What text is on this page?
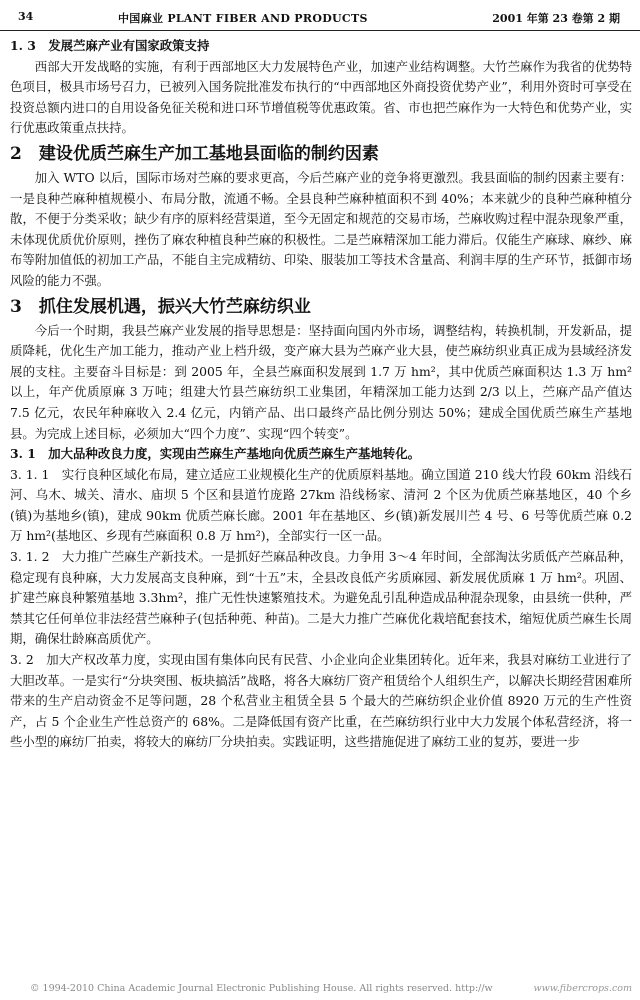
34	中国麻业 PLANT FIBER AND PRODUCTS	2001 年第 23 卷第 2 期

1. 3　发展苎麻产业有国家政策支持

西部大开发战略的实施，有利于西部地区大力发展特色产业，加速产业结构调整。大竹苎麻作为我省的优势特色项目，极具市场号召力，已被列入国务院批准发布执行的“中西部地区外商投资优势产业”，利用外资时可享受在投资总额内进口的自用设备免征关税和进口环节增值税等优惠政策。省、市也把苎麻作为一大特色和优势产业，实行优惠政策重点扶持。

2　建设优质苎麻生产加工基地县面临的制约因素

加入 WTO 以后，国际市场对苎麻的要求更高，今后苎麻产业的竞争将更激烈。我县面临的制约因素主要有：一是良种苎麻种植规模小、布局分散，流通不畅。全县良种苎麻种植面积不到 40%；本来就少的良种苎麻种植分散，不便于分类采收；缺少有序的原料经营渠道，至今无固定和规范的交易市场，苎麻收购过程中混杂现象严重，未体现优质优价原则，挫伤了麻农种植良种苎麻的积极性。二是苎麻精深加工能力滞后。仅能生产麻球、麻纱、麻布等附加值低的初加工产品，不能自主完成精纺、印染、服装加工等技术含量高、利润丰厚的生产环节，抵御市场风险的能力不强。

3　抓住发展机遇，振兴大竹苎麻纺织业

今后一个时期，我县苎麻产业发展的指导思想是：坚持面向国内外市场，调整结构，转换机制，开发新品，提质降耗，优化生产加工能力，推动产业上档升级，变产麻大县为苎麻产业大县，使苎麻纺织业真正成为县域经济发展的支柱。主要奋斗目标是：到 2005 年，全县苎麻面积发展到 1.7 万 hm²，其中优质苎麻面积达 1.3 万 hm² 以上，年产优质原麻 3 万吨；组建大竹县苎麻纺织工业集团，年精深加工能力达到 2/3 以上，苎麻产品产值达 7.5 亿元，农民年种麻收入 2.4 亿元，内销产品、出口最终产品比例分别达 50%；建成全国优质苎麻生产基地县。为完成上述目标，必须加大“四个力度”、实现“四个转变”。

3. 1　加大品种改良力度，实现由苎麻生产基地向优质苎麻生产基地转化。

3. 1. 1　实行良种区域化布局，建立适应工业规模化生产的优质原料基地。确立国道 210 线大竹段 60km 沿线石河、乌木、城关、清水、庙坝 5 个区和县道竹庞路 27km 沿线杨家、清河 2 个区为优质苎麻基地区，40 个乡(镇)为基地乡(镇)，建成 90km 优质苎麻长廊。2001 年在基地区、乡(镇)新发展川苎 4 号、6 号等优质苎麻 0.2 万 hm²(基地区、乡现有苎麻面积 0.8 万 hm²)，全部实行一区一品。

3. 1. 2　大力推广苎麻生产新技术。一是抓好苎麻品种改良。力争用 3～4 年时间，全部淘汰劣质低产苎麻品种，稳定现有良种麻，大力发展高支良种麻，到“十五”末，全县改良低产劣质麻园、新发展优质麻 1 万 hm²。巩固、扩建苎麻良种繁殖基地 3.3hm²，推广无性快速繁殖技术。为避免乱引乱种造成品种混杂现象，由县统一供种，严禁其它任何单位非法经营苎麻种子(包括种蔸、种苗)。二是大力推广苎麻优化栽培配套技术，缩短优质苎麻生长周期，确保壮龄麻高质优产。

3. 2　加大产权改革力度，实现由国有集体向民有民营、小企业向企业集团转化。近年来，我县对麻纺工业进行了大胆改革。一是实行“分块突围、板块搞活”战略，将各大麻纺厂资产租赁给个人组织生产，以解决长期经营困难所带来的生产启动资金不足等问题，28 个私营业主租赁全县 5 个最大的苎麻纺织企业价值 8920 万元的生产性资产，占 5 个企业生产性总资产的 68%。二是降低国有资产比重，在苎麻纺织行业中大力发展个体私营经济，将一些小型的麻纺厂拍卖，将较大的麻纺厂分块拍卖。实践证明，这些措施促进了麻纺工业的复苏，要进一步

© 1994-2010 China Academic Journal Electronic Publishing House. All rights reserved. http://w	www.fibercrops.com
